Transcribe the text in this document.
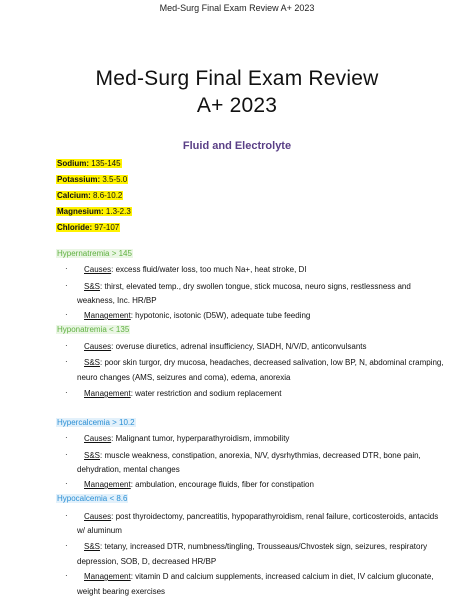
Med-Surg Final Exam Review A+ 2023
Med-Surg Final Exam Review
A+ 2023
Fluid and Electrolyte
Sodium: 135-145
Potassium: 3.5-5.0
Calcium: 8.6-10.2
Magnesium: 1.3-2.3
Chloride: 97-107
Hypernatremia > 145
· Causes: excess fluid/water loss, too much Na+, heat stroke, DI
· S&S: thirst, elevated temp., dry swollen tongue, stick mucosa, neuro signs, restlessness and
weakness, Inc. HR/BP
· Management: hypotonic, isotonic (D5W), adequate tube feeding
Hyponatremia < 135
· Causes: overuse diuretics, adrenal insufficiency, SIADH, N/V/D, anticonvulsants
· S&S: poor skin turgor, dry mucosa, headaches, decreased salivation, low BP, N, abdominal cramping,
neuro changes (AMS, seizures and coma), edema, anorexia
· Management: water restriction and sodium replacement
Hypercalcemia > 10.2
· Causes: Malignant tumor, hyperparathyroidism, immobility
· S&S: muscle weakness, constipation, anorexia, N/V, dysrhythmias, decreased DTR, bone pain,
dehydration, mental changes
· Management: ambulation, encourage fluids, fiber for constipation
Hypocalcemia < 8.6
· Causes: post thyroidectomy, pancreatitis, hypoparathyroidism, renal failure, corticosteroids, antacids
w/ aluminum
· S&S: tetany, increased DTR, numbness/tingling, Trousseaus/Chvostek sign, seizures, respiratory
depression, SOB, D, decreased HR/BP
· Management: vitamin D and calcium supplements, increased calcium in diet, IV calcium gluconate,
weight bearing exercises
